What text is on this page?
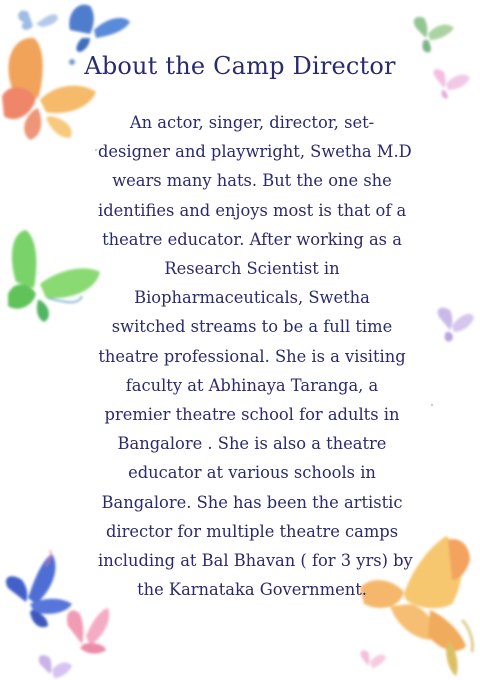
About the Camp Director

An actor, singer, director, set-
designer and playwright, Swetha M.D
wears many hats. But the one she
identifies and enjoys most is that of a
theatre educator. After working as a
Research Scientist in
Biopharmaceuticals, Swetha
switched streams to be a full time
theatre professional. She is a visiting
faculty at Abhinaya Taranga, a
premier theatre school for adults in
Bangalore . She is also a theatre
educator at various schools in
Bangalore. She has been the artistic
director for multiple theatre camps
including at Bal Bhavan ( for 3 yrs) by
the Karnataka Government.
